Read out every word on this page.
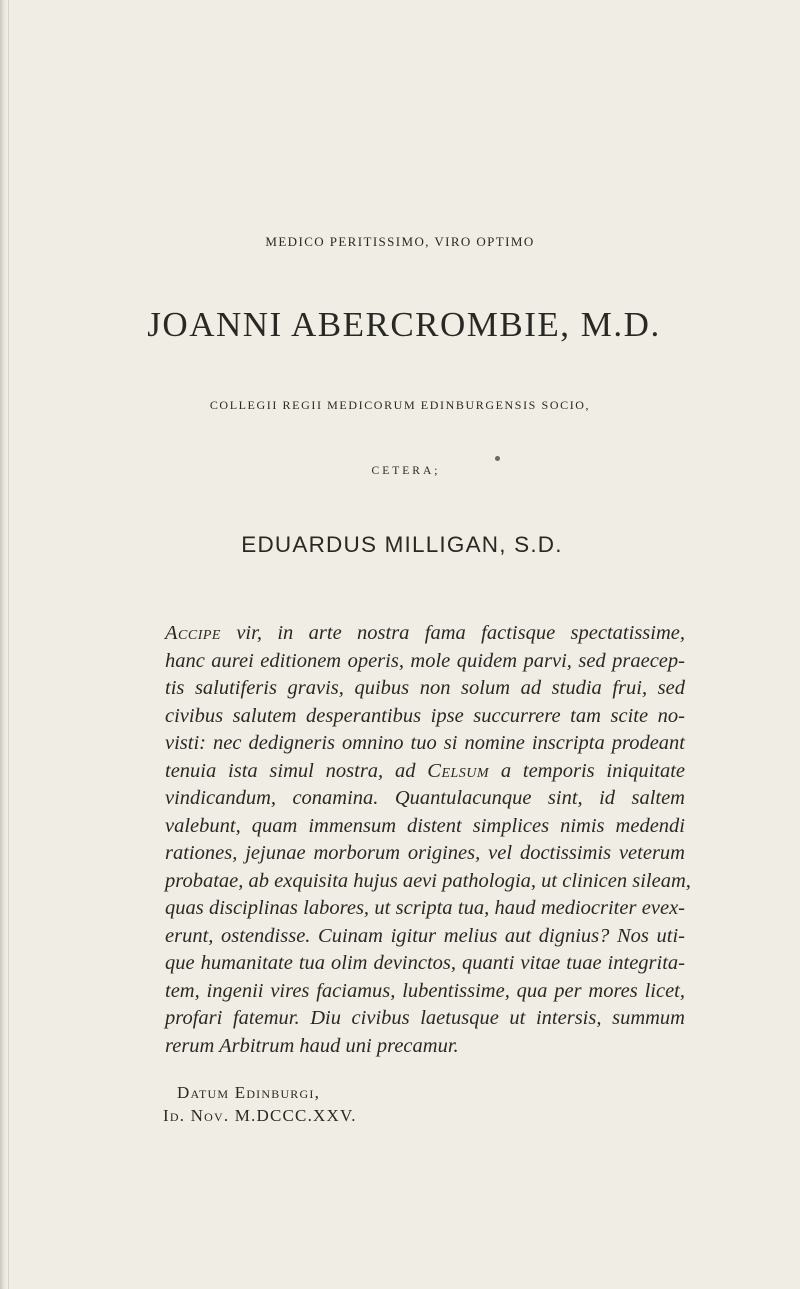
MEDICO PERITISSIMO, VIRO OPTIMO
JOANNI ABERCROMBIE, M.D.
COLLEGII REGII MEDICORUM EDINBURGENSIS SOCIO,
CETERA;
EDUARDUS MILLIGAN, S.D.
Accipe vir, in arte nostra fama factisque spectatissime,
hanc aurei editionem operis, mole quidem parvi, sed praecep-
tis salutiferis gravis, quibus non solum ad studia frui, sed
civibus salutem desperantibus ipse succurrere tam scite no-
visti: nec dedigneris omnino tuo si nomine inscripta prodeant
tenuia ista simul nostra, ad Celsum a temporis iniquitate
vindicandum, conamina. Quantulacunque sint, id saltem
valebunt, quam immensum distent simplices nimis medendi
rationes, jejunae morborum origines, vel doctissimis veterum
probatae, ab exquisita hujus aevi pathologia, ut clinicen sileam,
quas disciplinas labores, ut scripta tua, haud mediocriter evex-
erunt, ostendisse. Cuinam igitur melius aut dignius? Nos uti-
que humanitate tua olim devinctos, quanti vitae tuae integrita-
tem, ingenii vires faciamus, lubentissime, qua per mores licet,
profari fatemur. Diu civibus laetusque ut intersis, summum
rerum Arbitrum haud uni precamur.
Datum Edinburgi,
Id. Nov. M.DCCC.XXV.
